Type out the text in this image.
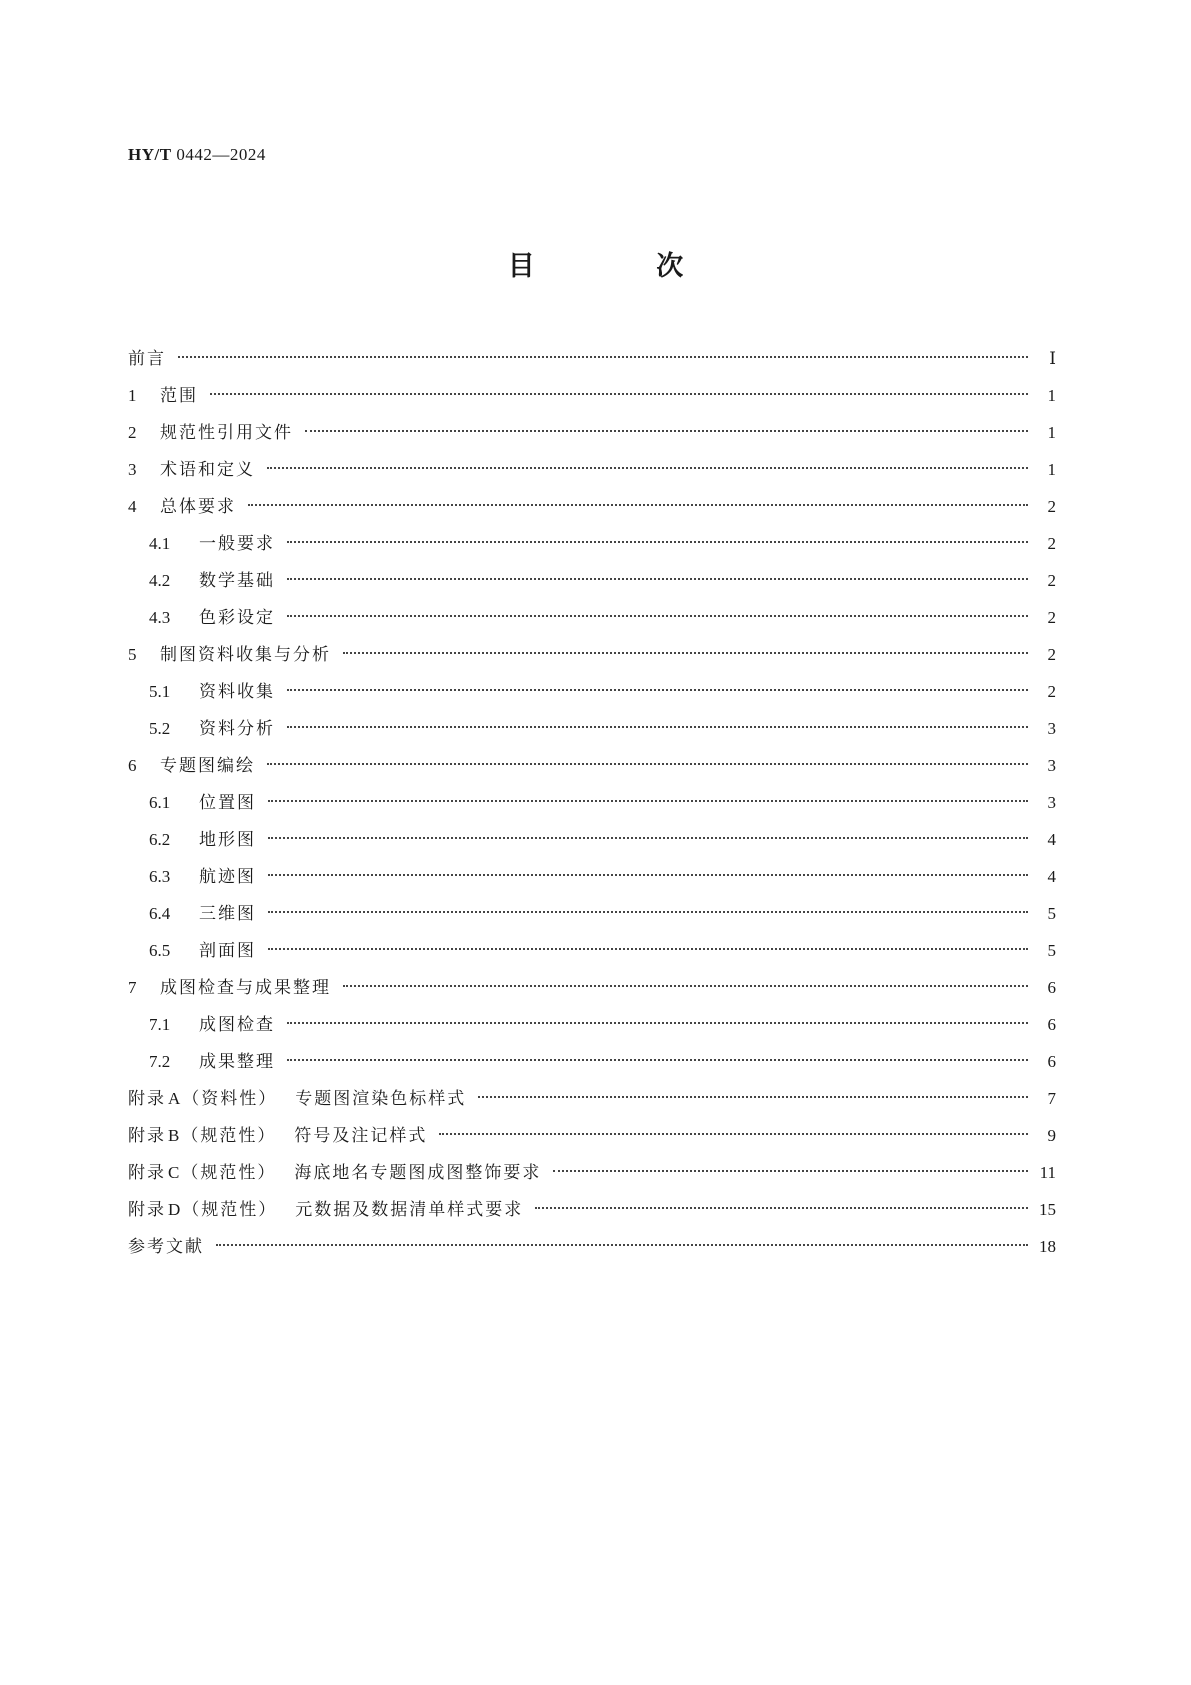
HY/T 0442—2024
目 次
前言	Ⅰ
1	范围	1
2	规范性引用文件	1
3	术语和定义	1
4	总体要求	2
4.1	一般要求	2
4.2	数学基础	2
4.3	色彩设定	2
5	制图资料收集与分析	2
5.1	资料收集	2
5.2	资料分析	3
6	专题图编绘	3
6.1	位置图	3
6.2	地形图	4
6.3	航迹图	4
6.4	三维图	5
6.5	剖面图	5
7	成图检查与成果整理	6
7.1	成图检查	6
7.2	成果整理	6
附录 A （资料性） 专题图渲染色标样式	7
附录 B （规范性） 符号及注记样式	9
附录 C （规范性） 海底地名专题图成图整饰要求	11
附录 D （规范性） 元数据及数据清单样式要求	15
参考文献	18
